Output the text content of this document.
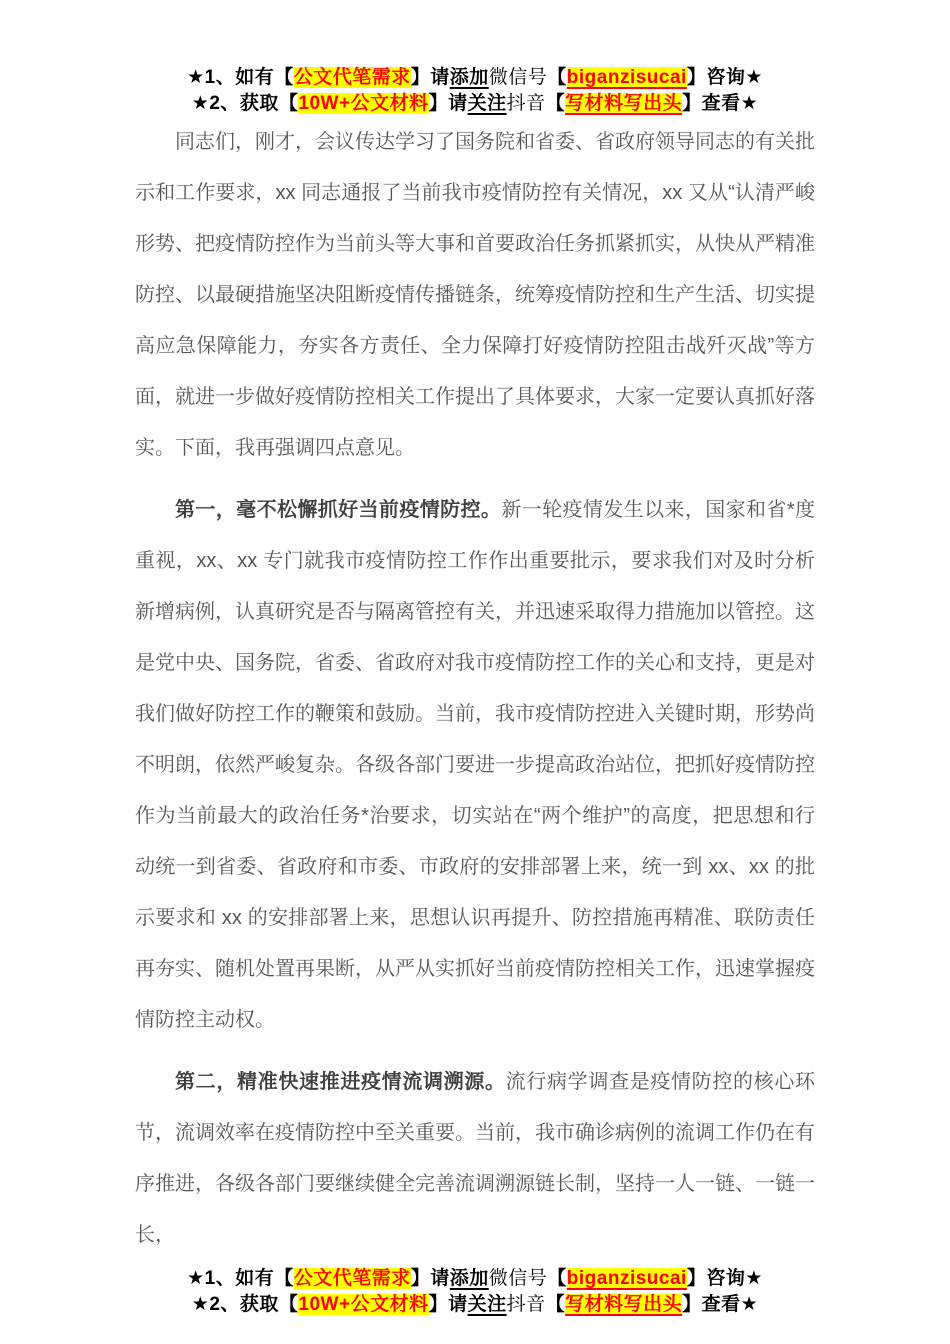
★1、如有【公文代笔需求】请添加微信号【biganzisucai】咨询★
★2、获取【10W+公文材料】请关注抖音【写材料写出头】查看★

同志们，刚才，会议传达学习了国务院和省委、省政府领导同志的有关批示和工作要求，xx 同志通报了当前我市疫情防控有关情况，xx 又从“认清严峻形势、把疫情防控作为当前头等大事和首要政治任务抓紧抓实，从快从严精准防控、以最硬措施坚决阻断疫情传播链条，统筹疫情防控和生产生活、切实提高应急保障能力，夯实各方责任、全力保障打好疫情防控阻击战歼灭战”等方面，就进一步做好疫情防控相关工作提出了具体要求，大家一定要认真抓好落实。下面，我再强调四点意见。

第一，毫不松懈抓好当前疫情防控。新一轮疫情发生以来，国家和省*度重视，xx、xx 专门就我市疫情防控工作作出重要批示，要求我们对及时分析新增病例，认真研究是否与隔离管控有关，并迅速采取得力措施加以管控。这是党中央、国务院，省委、省政府对我市疫情防控工作的关心和支持，更是对我们做好防控工作的鞭策和鼓励。当前，我市疫情防控进入关键时期，形势尚不明朗，依然严峻复杂。各级各部门要进一步提高政治站位，把抓好疫情防控作为当前最大的政治任务*治要求，切实站在“两个维护”的高度，把思想和行动统一到省委、省政府和市委、市政府的安排部署上来，统一到 xx、xx 的批示要求和 xx 的安排部署上来，思想认识再提升、防控措施再精准、联防责任再夯实、随机处置再果断，从严从实抓好当前疫情防控相关工作，迅速掌握疫情防控主动权。

第二，精准快速推进疫情流调溯源。流行病学调查是疫情防控的核心环节，流调效率在疫情防控中至关重要。当前，我市确诊病例的流调工作仍在有序推进，各级各部门要继续健全完善流调溯源链长制，坚持一人一链、一链一长，

★1、如有【公文代笔需求】请添加微信号【biganzisucai】咨询★
★2、获取【10W+公文材料】请关注抖音【写材料写出头】查看★
